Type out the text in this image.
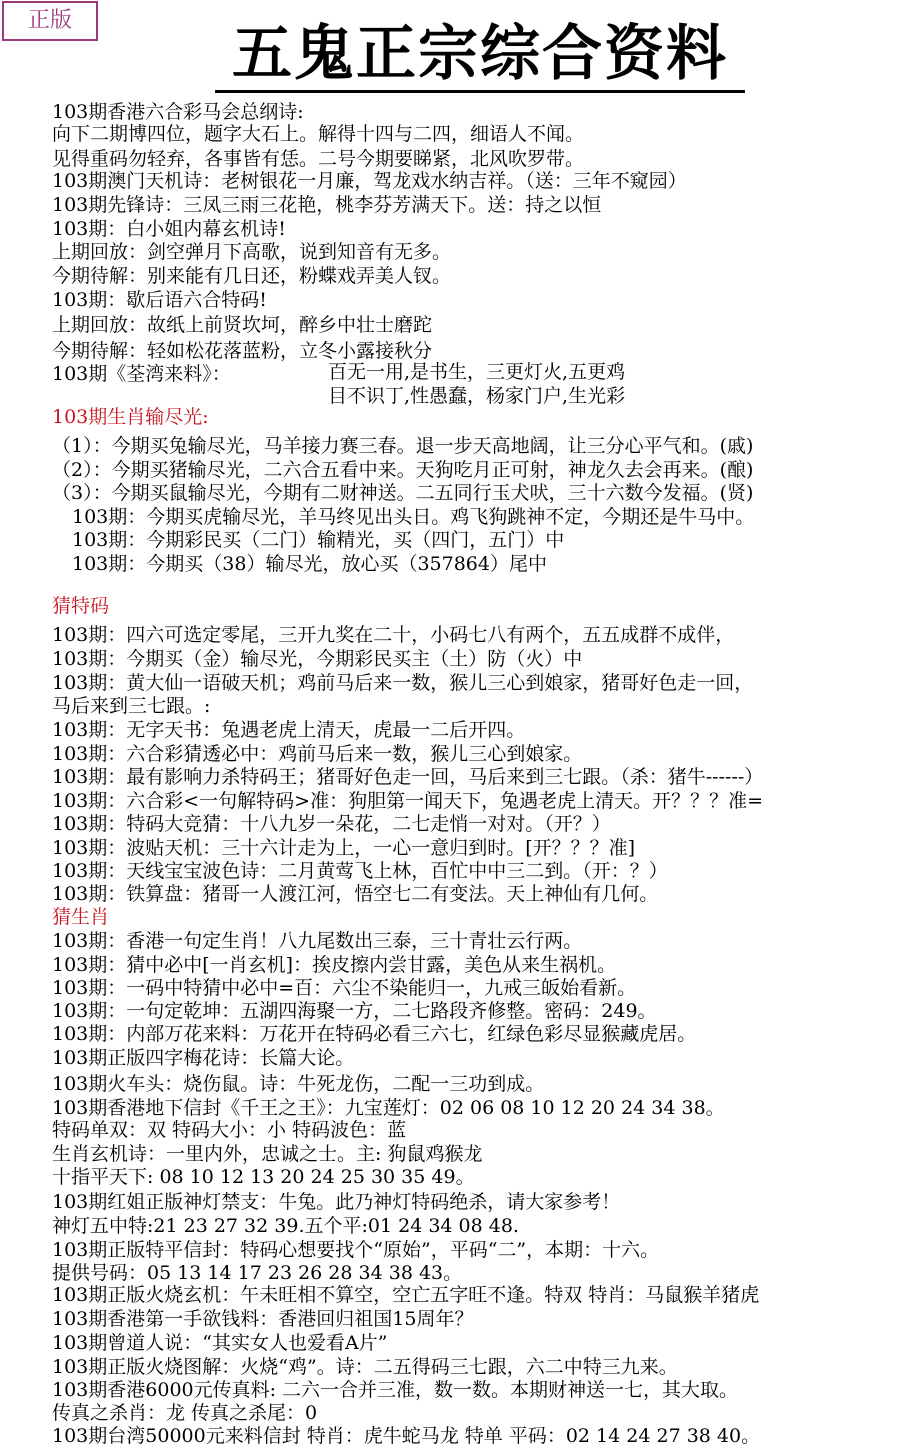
正版	五鬼正宗综合资料
103期香港六合彩马会总纲诗:
向下二期博四位，题字大石上。解得十四与二四，细语人不闻。
见得重码勿轻弃，各事皆有恁。二号今期要睇紧，北风吹罗带。
103期澳门天机诗：老树银花一月廉，驾龙戏水纳吉祥。（送：三年不窥园）
103期先锋诗：三凤三雨三花艳，桃李芬芳满天下。送：持之以恒
103期：白小姐内幕玄机诗!
上期回放：剑空弹月下高歌，说到知音有无多。
今期待解：别来能有几日还，粉蝶戏弄美人钗。
103期：歇后语六合特码!
上期回放：故纸上前贤坎坷，醉乡中壮士磨跎
今期待解：轻如松花落蓝粉，立冬小露接秋分
103期《荃湾来料》：	百无一用,是书生，三更灯火,五更鸡
目不识丁,性愚蠢，杨家门户,生光彩
103期生肖输尽光:
（1）：今期买兔输尽光，马羊接力赛三春。退一步天高地阔，让三分心平气和。(戚)
（2）：今期买猪输尽光，二六合五看中来。天狗吃月正可射，神龙久去会再来。(酿)
（3）：今期买鼠输尽光，今期有二财神送。二五同行玉犬吠，三十六数今发福。(贤)
103期：今期买虎输尽光，羊马终见出头日。鸡飞狗跳神不定，今期还是牛马中。
103期：今期彩民买（二门）输精光，买（四门，五门）中
103期：今期买（38）输尽光，放心买（357864）尾中
猜特码
103期：四六可选定零尾，三开九奖在二十，小码七八有两个，五五成群不成伴，
103期：今期买（金）输尽光，今期彩民买主（土）防（火）中
103期：黄大仙一语破天机；鸡前马后来一数，猴儿三心到娘家，猪哥好色走一回，
马后来到三七跟。:
103期：无字天书：兔遇老虎上清天，虎最一二后开四。
103期：六合彩猜透必中：鸡前马后来一数，猴儿三心到娘家。
103期：最有影响力杀特码王；猪哥好色走一回，马后来到三七跟。（杀：猪牛------）
103期：六合彩<一句解特码>准：狗胆第一闻天下，兔遇老虎上清天。开？？？准=
103期：特码大竞猜：十八九岁一朵花，二七走悄一对对。（开？）
103期：波贴天机：三十六计走为上，一心一意归到时。[开？？？准]
103期：天线宝宝波色诗：二月黄莺飞上林，百忙中中三二到。（开：？）
103期：铁算盘：猪哥一人渡江河，悟空七二有变法。天上神仙有几何。
猜生肖
103期：香港一句定生肖！八九尾数出三泰，三十青壮云行两。
103期：猜中必中[一肖玄机]：挨皮擦内尝甘露，美色从来生祸机。
103期：一码中特猜中必中=百：六尘不染能归一，九戒三皈始看新。
103期：一句定乾坤：五湖四海聚一方，二七路段齐修整。密码：249。
103期：内部万花来料：万花开在特码必看三六七，红绿色彩尽显猴藏虎居。
103期正版四字梅花诗：长篇大论。
103期火车头：烧伤鼠。诗：牛死龙伤，二配一三功到成。
103期香港地下信封《千王之王》：九宝莲灯：02 06 08 10 12 20 24 34 38。
特码单双：双 特码大小：小 特码波色：蓝
生肖玄机诗：一里内外，忠诚之士。主: 狗鼠鸡猴龙
十指平天下: 08 10 12 13 20 24 25 30 35 49。
103期红姐正版神灯禁支：牛兔。此乃神灯特码绝杀，请大家参考！
神灯五中特:21 23 27 32 39.五个平:01 24 34 08 48.
103期正版特平信封：特码心想要找个“原始”，平码“二”，本期：十六。
提供号码：05 13 14 17 23 26 28 34 38 43。
103期正版火烧玄机：午未旺相不算空，空亡五字旺不逢。特双 特肖：马鼠猴羊猪虎
103期香港第一手欲钱料：香港回归祖国15周年？
103期曾道人说：“其实女人也爱看A片”
103期正版火烧图解：火烧“鸡”。诗：二五得码三七跟，六二中特三九来。
103期香港6000元传真料: 二六一合并三准，数一数。本期财神送一七，其大取。
传真之杀肖：龙 传真之杀尾：0
103期台湾50000元来料信封 特肖：虎牛蛇马龙 特单 平码：02 14 24 27 38 40。
